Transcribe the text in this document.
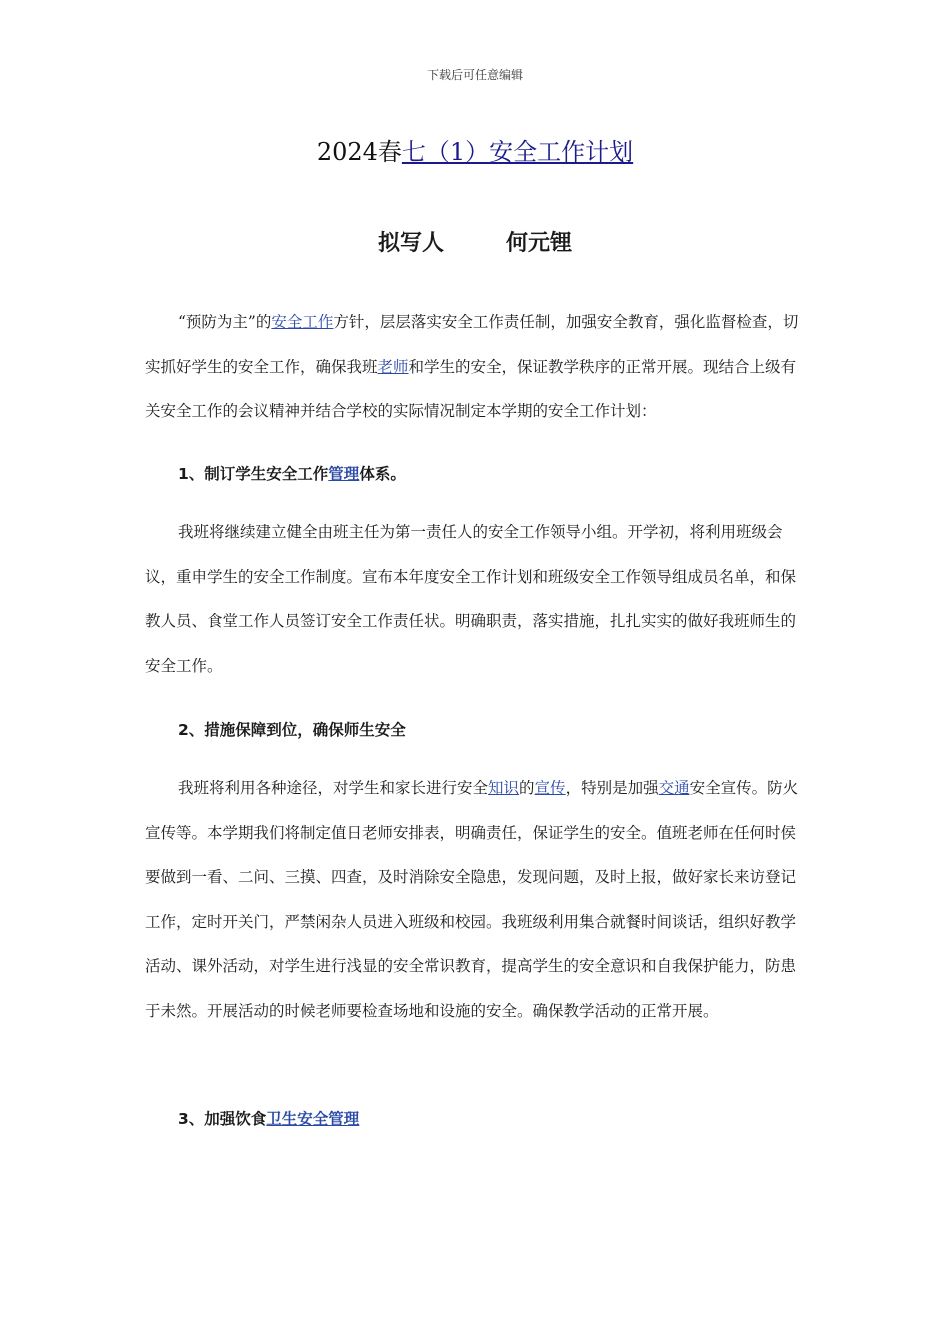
下载后可任意编辑
2024春七（1）安全工作计划
拟写人	何元锂

“预防为主”的安全工作方针，层层落实安全工作责任制，加强安全教育，强化监督检查，切实抓好学生的安全工作，确保我班老师和学生的安全，保证教学秩序的正常开展。现结合上级有关安全工作的会议精神并结合学校的实际情况制定本学期的安全工作计划：

1、制订学生安全工作管理体系。

我班将继续建立健全由班主任为第一责任人的安全工作领导小组。开学初，将利用班级会议，重申学生的安全工作制度。宣布本年度安全工作计划和班级安全工作领导组成员名单，和保教人员、食堂工作人员签订安全工作责任状。明确职责，落实措施，扎扎实实的做好我班师生的安全工作。

2、措施保障到位，确保师生安全

我班将利用各种途径，对学生和家长进行安全知识的宣传，特别是加强交通安全宣传。防火宣传等。本学期我们将制定值日老师安排表，明确责任，保证学生的安全。值班老师在任何时侯要做到一看、二问、三摸、四查，及时消除安全隐患，发现问题，及时上报，做好家长来访登记工作，定时开关门，严禁闲杂人员进入班级和校园。我班级利用集合就餐时间谈话，组织好教学活动、课外活动，对学生进行浅显的安全常识教育，提高学生的安全意识和自我保护能力，防患于未然。开展活动的时候老师要检查场地和设施的安全。确保教学活动的正常开展。

3、加强饮食卫生安全管理
